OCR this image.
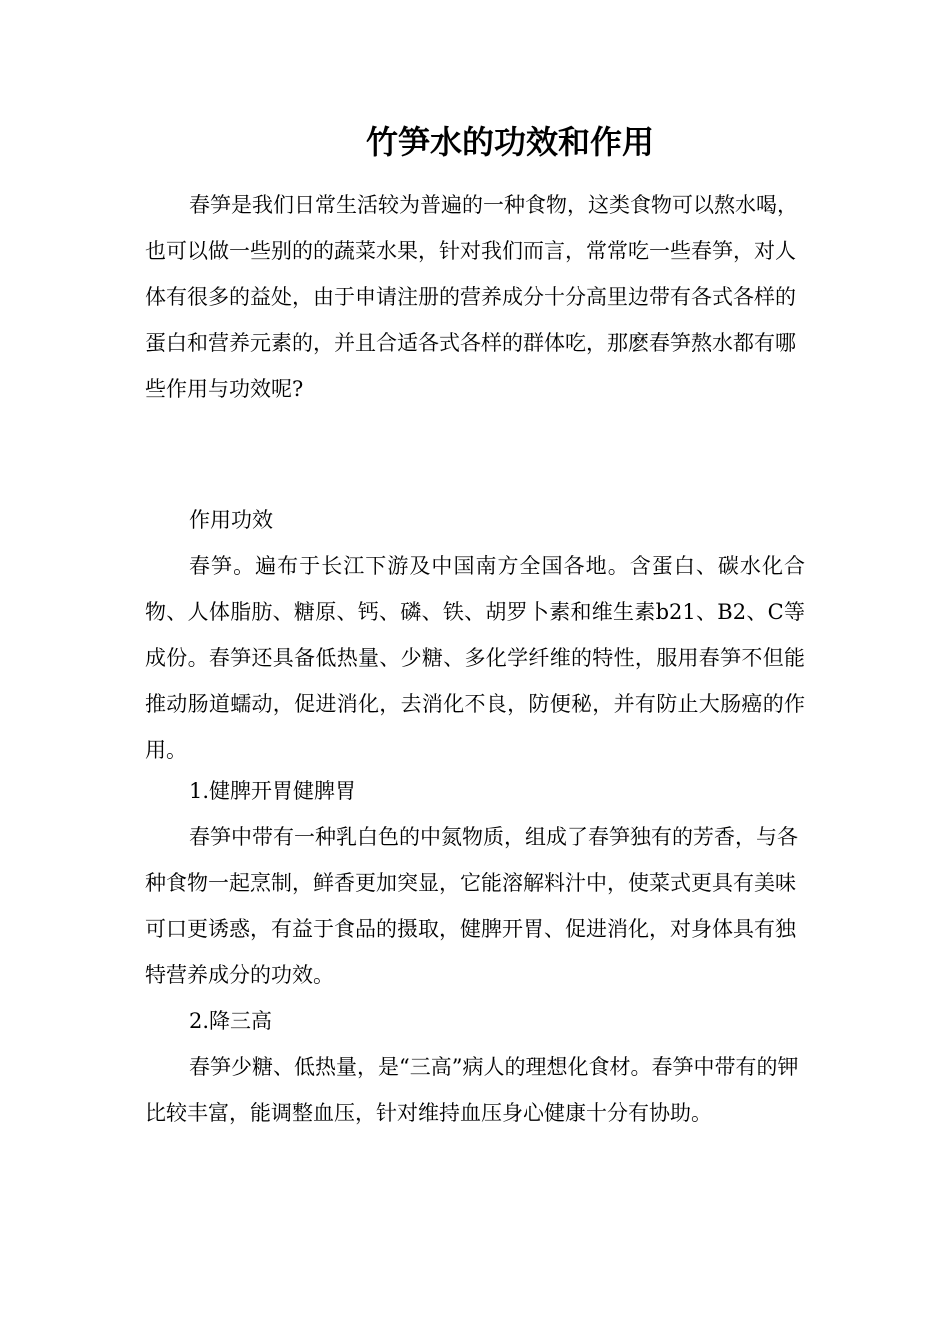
竹笋水的功效和作用

春笋是我们日常生活较为普遍的一种食物，这类食物可以熬水喝，也可以做一些别的的蔬菜水果，针对我们而言，常常吃一些春笋，对人体有很多的益处，由于申请注册的营养成分十分高里边带有各式各样的蛋白和营养元素的，并且合适各式各样的群体吃，那麽春笋熬水都有哪些作用与功效呢?

作用功效

春笋。遍布于长江下游及中国南方全国各地。含蛋白、碳水化合物、人体脂肪、糖原、钙、磷、铁、胡罗卜素和维生素b21、B2、C等成份。春笋还具备低热量、少糖、多化学纤维的特性，服用春笋不但能推动肠道蠕动，促进消化，去消化不良，防便秘，并有防止大肠癌的作用。

1.健脾开胃健脾胃

春笋中带有一种乳白色的中氮物质，组成了春笋独有的芳香，与各种食物一起烹制，鲜香更加突显，它能溶解料汁中，使菜式更具有美味可口更诱惑，有益于食品的摄取，健脾开胃、促进消化，对身体具有独特营养成分的功效。

2.降三高

春笋少糖、低热量，是“三高”病人的理想化食材。春笋中带有的钾比较丰富，能调整血压，针对维持血压身心健康十分有协助。
